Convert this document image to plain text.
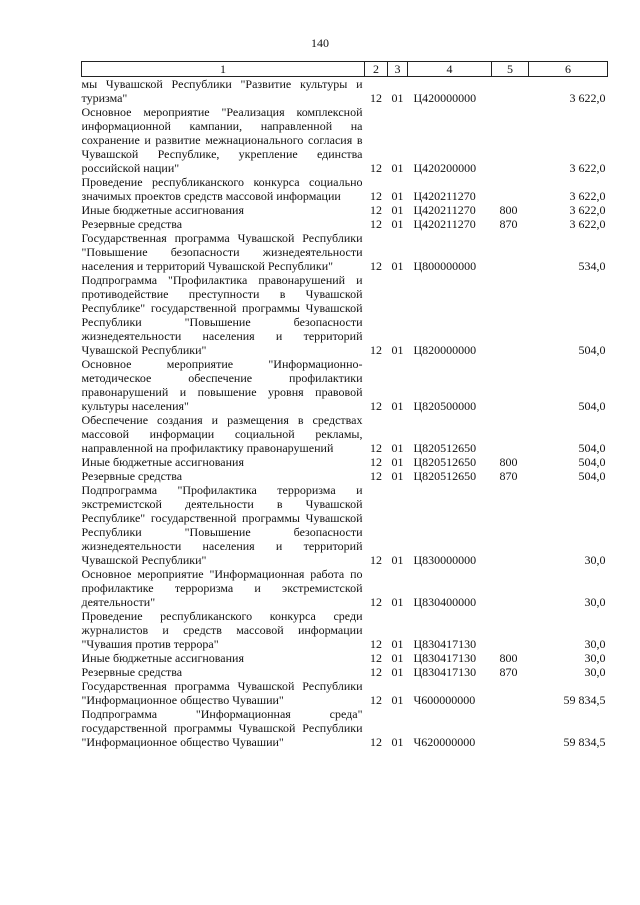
140
1	2	3	4	5	6
мы Чувашской Республики "Развитие культуры и туризма"	12	01	Ц420000000		3 622,0
Основное мероприятие "Реализация комплексной информационной кампании, направленной на сохранение и развитие межнационального согласия в Чувашской Республике, укрепление единства российской нации"	12	01	Ц420200000		3 622,0
Проведение республиканского конкурса социально значимых проектов средств массовой информации	12	01	Ц420211270		3 622,0
Иные бюджетные ассигнования	12	01	Ц420211270	800	3 622,0
Резервные средства	12	01	Ц420211270	870	3 622,0
Государственная программа Чувашской Республики "Повышение безопасности жизнедеятельности населения и территорий Чувашской Республики"	12	01	Ц800000000		534,0
Подпрограмма "Профилактика правонарушений и противодействие преступности в Чувашской Республике" государственной программы Чувашской Республики "Повышение безопасности жизнедеятельности населения и территорий Чувашской Республики"	12	01	Ц820000000		504,0
Основное мероприятие "Информационно-методическое обеспечение профилактики правонарушений и повышение уровня правовой культуры населения"	12	01	Ц820500000		504,0
Обеспечение создания и размещения в средствах массовой информации социальной рекламы, направленной на профилактику правонарушений	12	01	Ц820512650		504,0
Иные бюджетные ассигнования	12	01	Ц820512650	800	504,0
Резервные средства	12	01	Ц820512650	870	504,0
Подпрограмма "Профилактика терроризма и экстремистской деятельности в Чувашской Республике" государственной программы Чувашской Республики "Повышение безопасности жизнедеятельности населения и территорий Чувашской Республики"	12	01	Ц830000000		30,0
Основное мероприятие "Информационная работа по профилактике терроризма и экстремистской деятельности"	12	01	Ц830400000		30,0
Проведение республиканского конкурса среди журналистов и средств массовой информации "Чувашия против террора"	12	01	Ц830417130		30,0
Иные бюджетные ассигнования	12	01	Ц830417130	800	30,0
Резервные средства	12	01	Ц830417130	870	30,0
Государственная программа Чувашской Республики "Информационное общество Чувашии"	12	01	Ч600000000		59 834,5
Подпрограмма "Информационная среда" государственной программы Чувашской Республики "Информационное общество Чувашии"	12	01	Ч620000000		59 834,5
